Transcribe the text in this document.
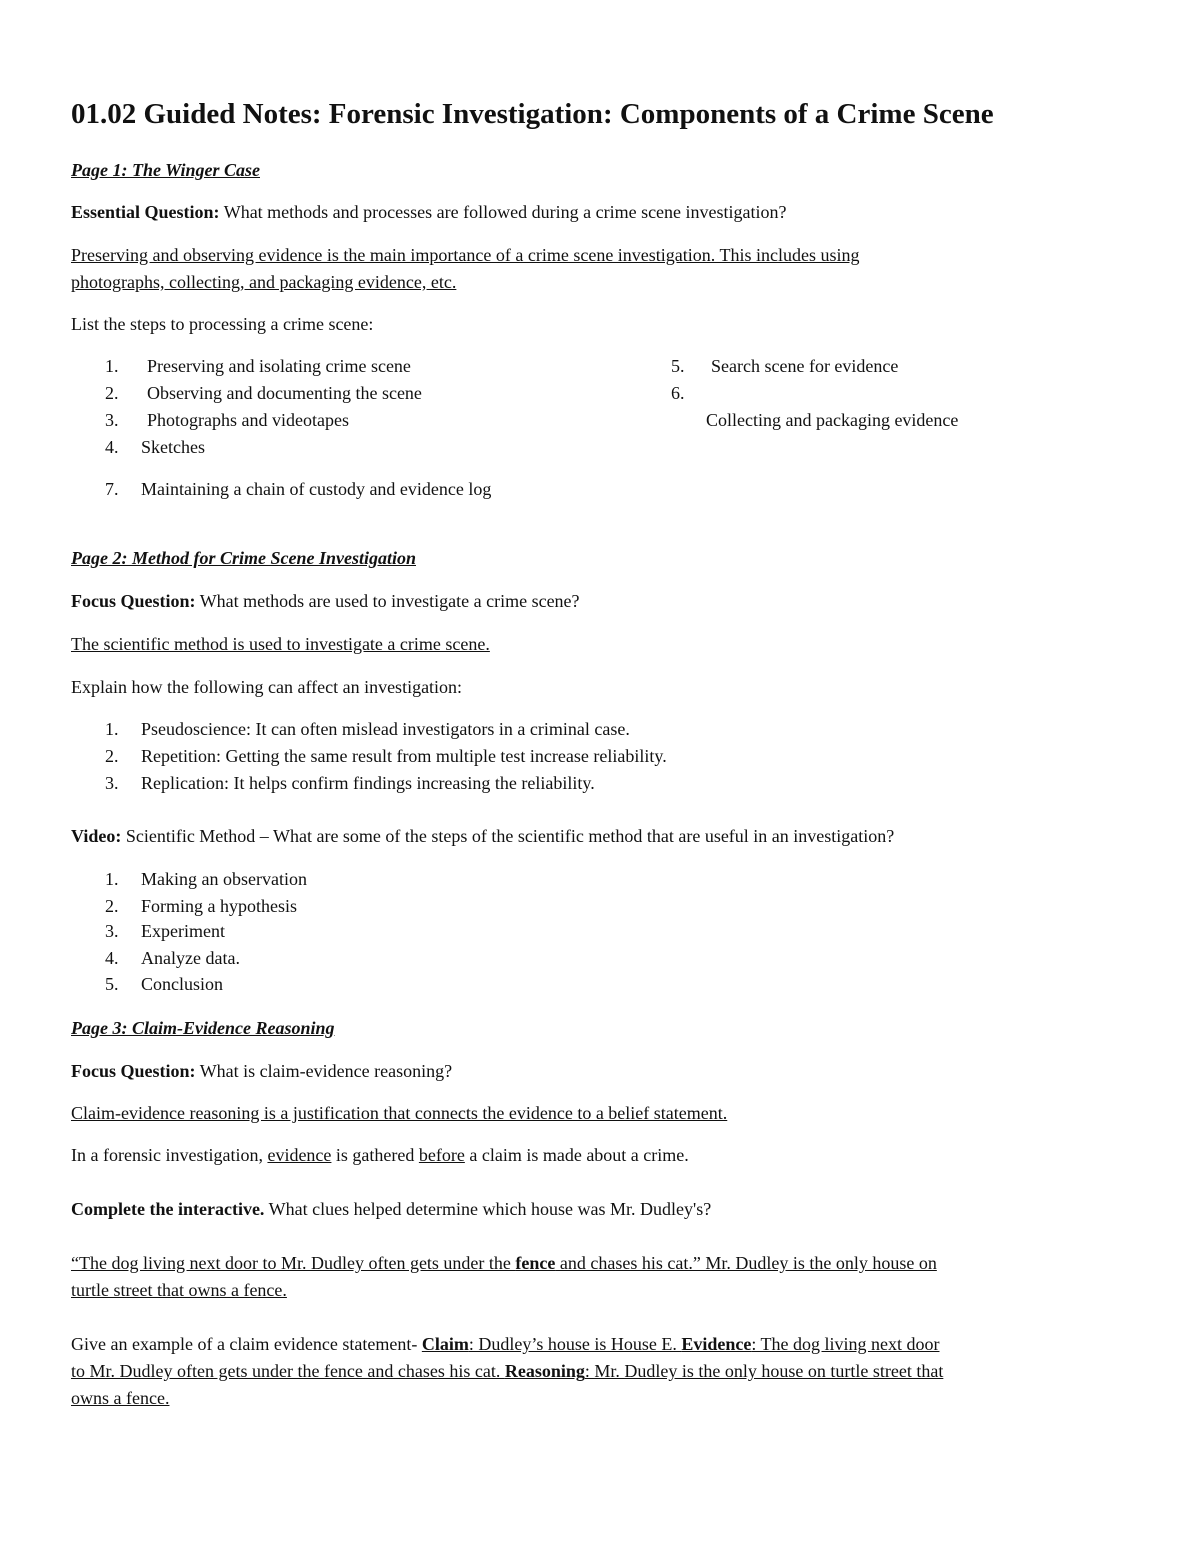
01.02 Guided Notes: Forensic Investigation: Components of a Crime Scene
Page 1: The Winger Case
Essential Question: What methods and processes are followed during a crime scene investigation?
Preserving and observing evidence is the main importance of a crime scene investigation. This includes using
photographs, collecting, and packaging evidence, etc.
List the steps to processing a crime scene:
1. Preserving and isolating crime scene
2. Observing and documenting the scene
3. Photographs and videotapes
4. Sketches
5. Search scene for evidence
6.
Collecting and packaging evidence
7. Maintaining a chain of custody and evidence log
Page 2: Method for Crime Scene Investigation
Focus Question: What methods are used to investigate a crime scene?
The scientific method is used to investigate a crime scene.
Explain how the following can affect an investigation:
1. Pseudoscience: It can often mislead investigators in a criminal case.
2. Repetition: Getting the same result from multiple test increase reliability.
3. Replication: It helps confirm findings increasing the reliability.
Video: Scientific Method – What are some of the steps of the scientific method that are useful in an investigation?
1. Making an observation
2. Forming a hypothesis
3. Experiment
4. Analyze data.
5. Conclusion
Page 3: Claim-Evidence Reasoning
Focus Question: What is claim-evidence reasoning?
Claim-evidence reasoning is a justification that connects the evidence to a belief statement.
In a forensic investigation, evidence is gathered before a claim is made about a crime.
Complete the interactive. What clues helped determine which house was Mr. Dudley's?
“The dog living next door to Mr. Dudley often gets under the fence and chases his cat.” Mr. Dudley is the only house on
turtle street that owns a fence.
Give an example of a claim evidence statement- Claim: Dudley’s house is House E. Evidence: The dog living next door
to Mr. Dudley often gets under the fence and chases his cat. Reasoning: Mr. Dudley is the only house on turtle street that
owns a fence.
